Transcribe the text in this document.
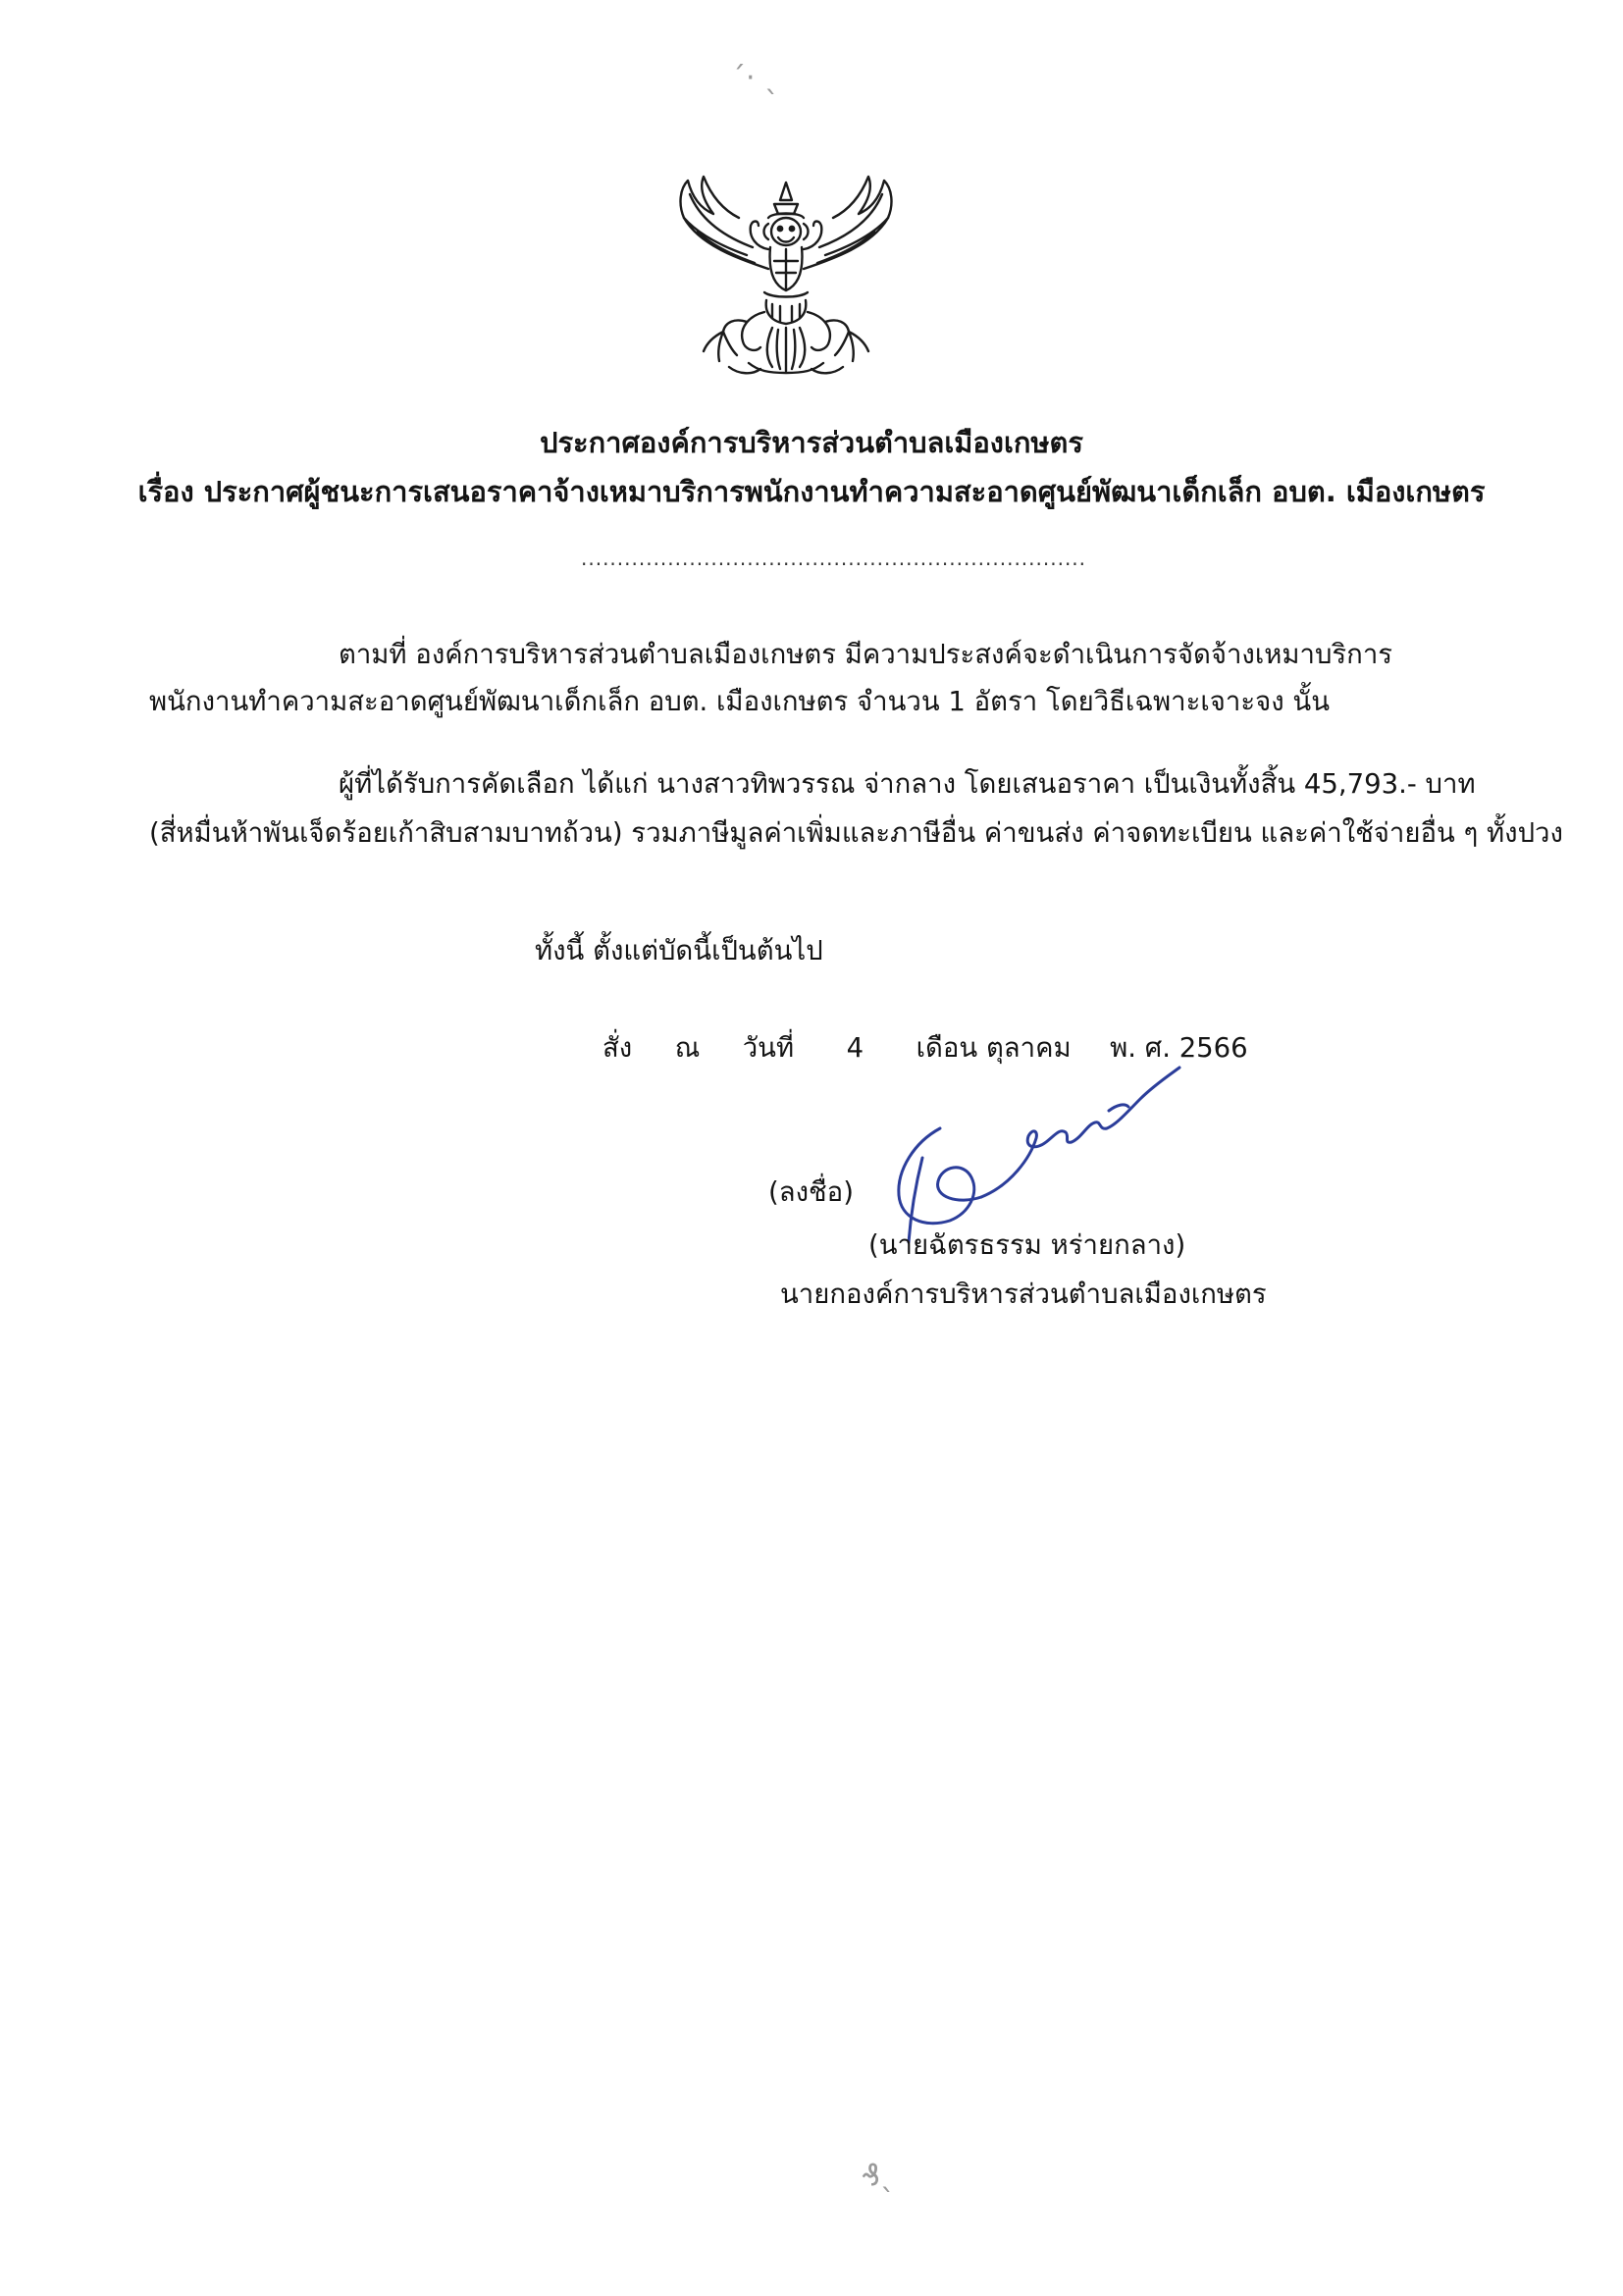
ˊ· ˎ
₰ˎ
ประกาศองค์การบริหารส่วนตำบลเมืองเกษตร
เรื่อง ประกาศผู้ชนะการเสนอราคาจ้างเหมาบริการพนักงานทำความสะอาดศูนย์พัฒนาเด็กเล็ก อบต. เมืองเกษตร
......................................................................
ตามที่ องค์การบริหารส่วนตำบลเมืองเกษตร มีความประสงค์จะดำเนินการจัดจ้างเหมาบริการ
พนักงานทำความสะอาดศูนย์พัฒนาเด็กเล็ก อบต. เมืองเกษตร จำนวน 1 อัตรา โดยวิธีเฉพาะเจาะจง นั้น
ผู้ที่ได้รับการคัดเลือก ได้แก่ นางสาวทิพวรรณ จ่ากลาง โดยเสนอราคา เป็นเงินทั้งสิ้น 45,793.- บาท
(สี่หมื่นห้าพันเจ็ดร้อยเก้าสิบสามบาทถ้วน) รวมภาษีมูลค่าเพิ่มและภาษีอื่น ค่าขนส่ง ค่าจดทะเบียน และค่าใช้จ่ายอื่น ๆ ทั้งปวง
ทั้งนี้ ตั้งแต่บัดนี้เป็นต้นไป
สั่ง ณ วันที่ 4 เดือน ตุลาคม พ. ศ. 2566
(ลงชื่อ)
(นายฉัตรธรรม หร่ายกลาง)
นายกองค์การบริหารส่วนตำบลเมืองเกษตร
